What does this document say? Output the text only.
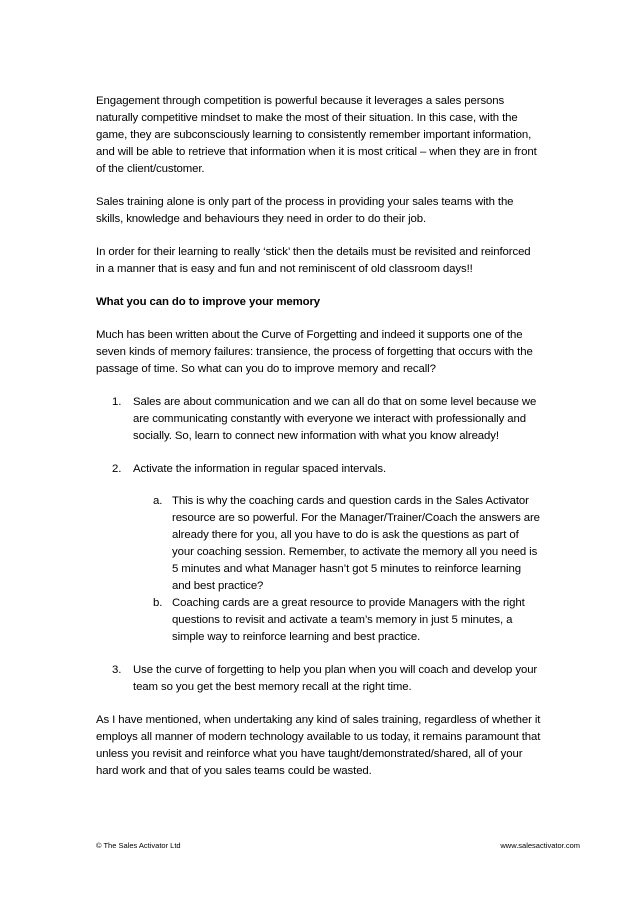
Engagement through competition is powerful because it leverages a sales persons naturally competitive mindset to make the most of their situation. In this case, with the game, they are subconsciously learning to consistently remember important information, and will be able to retrieve that information when it is most critical – when they are in front of the client/customer.

Sales training alone is only part of the process in providing your sales teams with the skills, knowledge and behaviours they need in order to do their job.

In order for their learning to really ‘stick’ then the details must be revisited and reinforced in a manner that is easy and fun and not reminiscent of old classroom days!!

What you can do to improve your memory

Much has been written about the Curve of Forgetting and indeed it supports one of the seven kinds of memory failures: transience, the process of forgetting that occurs with the passage of time. So what can you do to improve memory and recall?

1. Sales are about communication and we can all do that on some level because we are communicating constantly with everyone we interact with professionally and socially. So, learn to connect new information with what you know already!
2. Activate the information in regular spaced intervals.
a. This is why the coaching cards and question cards in the Sales Activator resource are so powerful. For the Manager/Trainer/Coach the answers are already there for you, all you have to do is ask the questions as part of your coaching session. Remember, to activate the memory all you need is 5 minutes and what Manager hasn’t got 5 minutes to reinforce learning and best practice?
b. Coaching cards are a great resource to provide Managers with the right questions to revisit and activate a team’s memory in just 5 minutes, a simple way to reinforce learning and best practice.
3. Use the curve of forgetting to help you plan when you will coach and develop your team so you get the best memory recall at the right time.

As I have mentioned, when undertaking any kind of sales training, regardless of whether it employs all manner of modern technology available to us today, it remains paramount that unless you revisit and reinforce what you have taught/demonstrated/shared, all of your hard work and that of you sales teams could be wasted.

© The Sales Activator Ltd	www.salesactivator.com
